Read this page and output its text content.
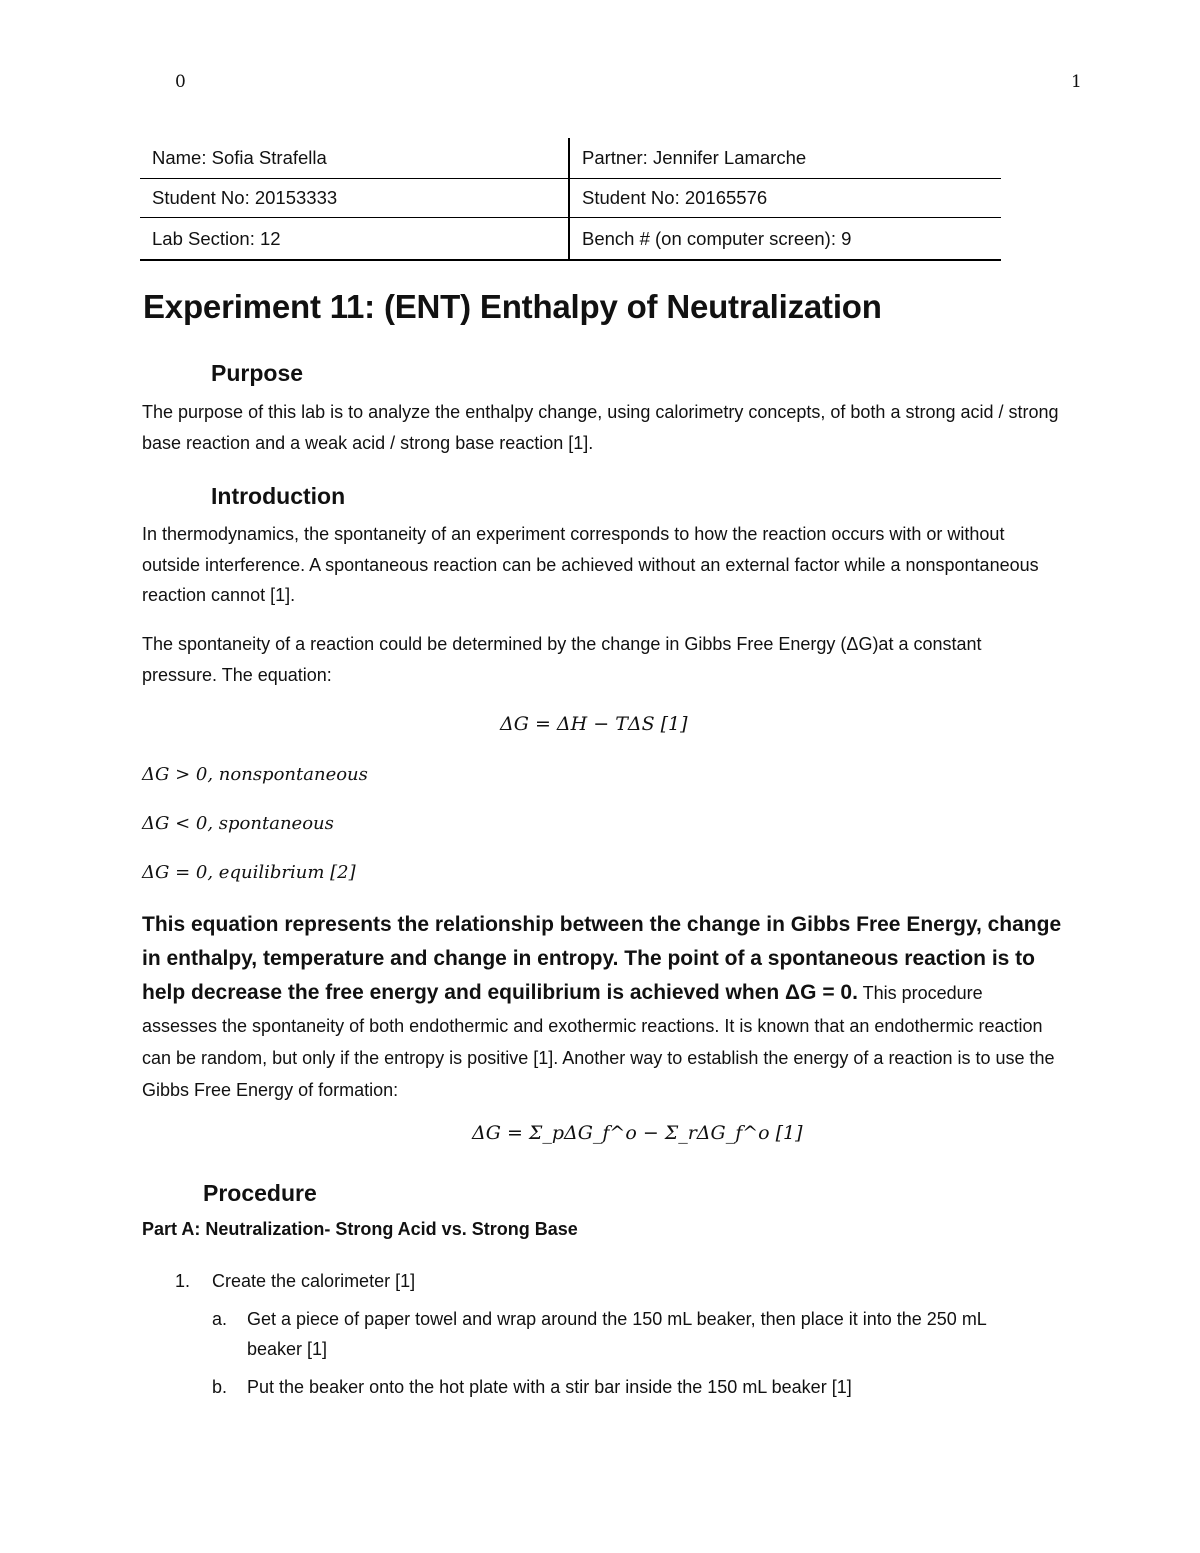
0	1
Name: Sofia Strafella	Partner: Jennifer Lamarche
Student No: 20153333	Student No: 20165576
Lab Section: 12	Bench # (on computer screen): 9
Experiment 11: (ENT) Enthalpy of Neutralization
Purpose

The purpose of this lab is to analyze the enthalpy change, using calorimetry concepts, of both a strong acid / strong base reaction and a weak acid / strong base reaction [1].

Introduction

In thermodynamics, the spontaneity of an experiment corresponds to how the reaction occurs with or without outside interference. A spontaneous reaction can be achieved without an external factor while a nonspontaneous reaction cannot [1].

The spontaneity of a reaction could be determined by the change in Gibbs Free Energy (ΔG)at a constant pressure. The equation:

ΔG = ΔH − TΔS [1]
ΔG > 0, nonspontaneous
ΔG < 0, spontaneous
ΔG = 0, equilibrium [2]

This equation represents the relationship between the change in Gibbs Free Energy, change in enthalpy, temperature and change in entropy. The point of a spontaneous reaction is to help decrease the free energy and equilibrium is achieved when ΔG = 0. This procedure assesses the spontaneity of both endothermic and exothermic reactions. It is known that an endothermic reaction can be random, but only if the entropy is positive [1]. Another way to establish the energy of a reaction is to use the Gibbs Free Energy of formation:

ΔG = Σ_pΔG_f^o − Σ_rΔG_f^o [1]
Procedure

Part A: Neutralization- Strong Acid vs. Strong Base

1. Create the calorimeter [1]
a. Get a piece of paper towel and wrap around the 150 mL beaker, then place it into the 250 mL beaker [1]
b. Put the beaker onto the hot plate with a stir bar inside the 150 mL beaker [1]
